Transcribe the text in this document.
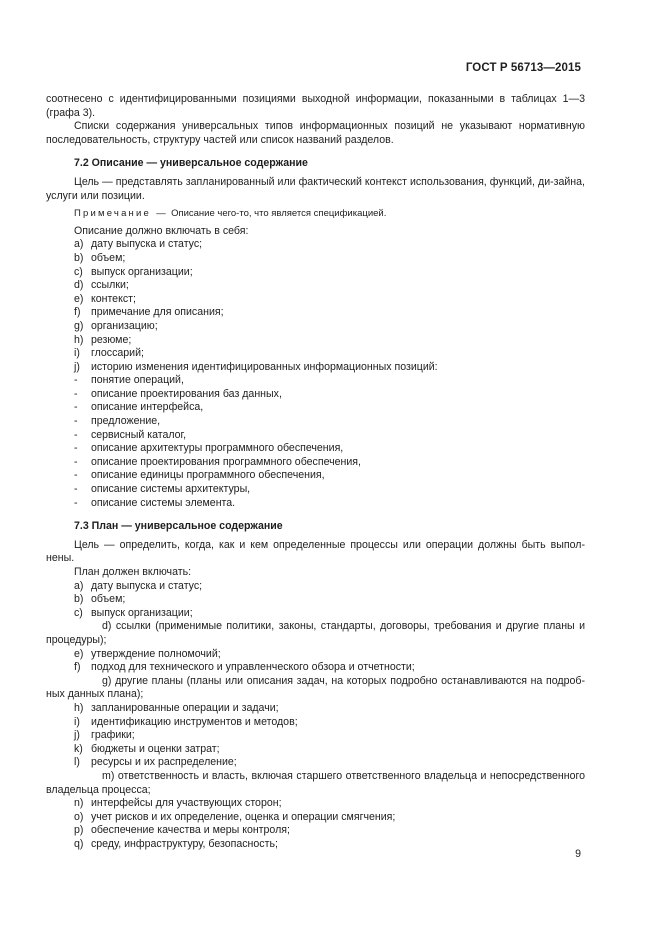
ГОСТ Р 56713—2015

соотнесено с идентифицированными позициями выходной информации, показанными в таблицах 1—3 (графа 3).

Списки содержания универсальных типов информационных позиций не указывают нормативную последовательность, структуру частей или список названий разделов.

7.2 Описание — универсальное содержание

Цель — представлять запланированный или фактический контекст использования, функций, ди-зайна, услуги или позиции.

Примечание — Описание чего-то, что является спецификацией.

Описание должно включать в себя:

a) дату выпуска и статус;
b) объем;
c) выпуск организации;
d) ссылки;
e) контекст;
f) примечание для описания;
g) организацию;
h) резюме;
i) глоссарий;
j) историю изменения идентифицированных информационных позиций:
- понятие операций,
- описание проектирования баз данных,
- описание интерфейса,
- предложение,
- сервисный каталог,
- описание архитектуры программного обеспечения,
- описание проектирования программного обеспечения,
- описание единицы программного обеспечения,
- описание системы архитектуры,
- описание системы элемента.
7.3 План — универсальное содержание

Цель — определить, когда, как и кем определенные процессы или операции должны быть выпол-нены.

План должен включать:

a) дату выпуска и статус;
b) объем;
c) выпуск организации;
d) ссылки (применимые политики, законы, стандарты, договоры, требования и другие планы и процедуры);
e) утверждение полномочий;
f) подход для технического и управленческого обзора и отчетности;
g) другие планы (планы или описания задач, на которых подробно останавливаются на подроб-ных данных плана);
h) запланированные операции и задачи;
i) идентификацию инструментов и методов;
j) графики;
k) бюджеты и оценки затрат;
l) ресурсы и их распределение;
m) ответственность и власть, включая старшего ответственного владельца и непосредственного владельца процесса;
n) интерфейсы для участвующих сторон;
o) учет рисков и их определение, оценка и операции смягчения;
p) обеспечение качества и меры контроля;
q) среду, инфраструктуру, безопасность;
9
